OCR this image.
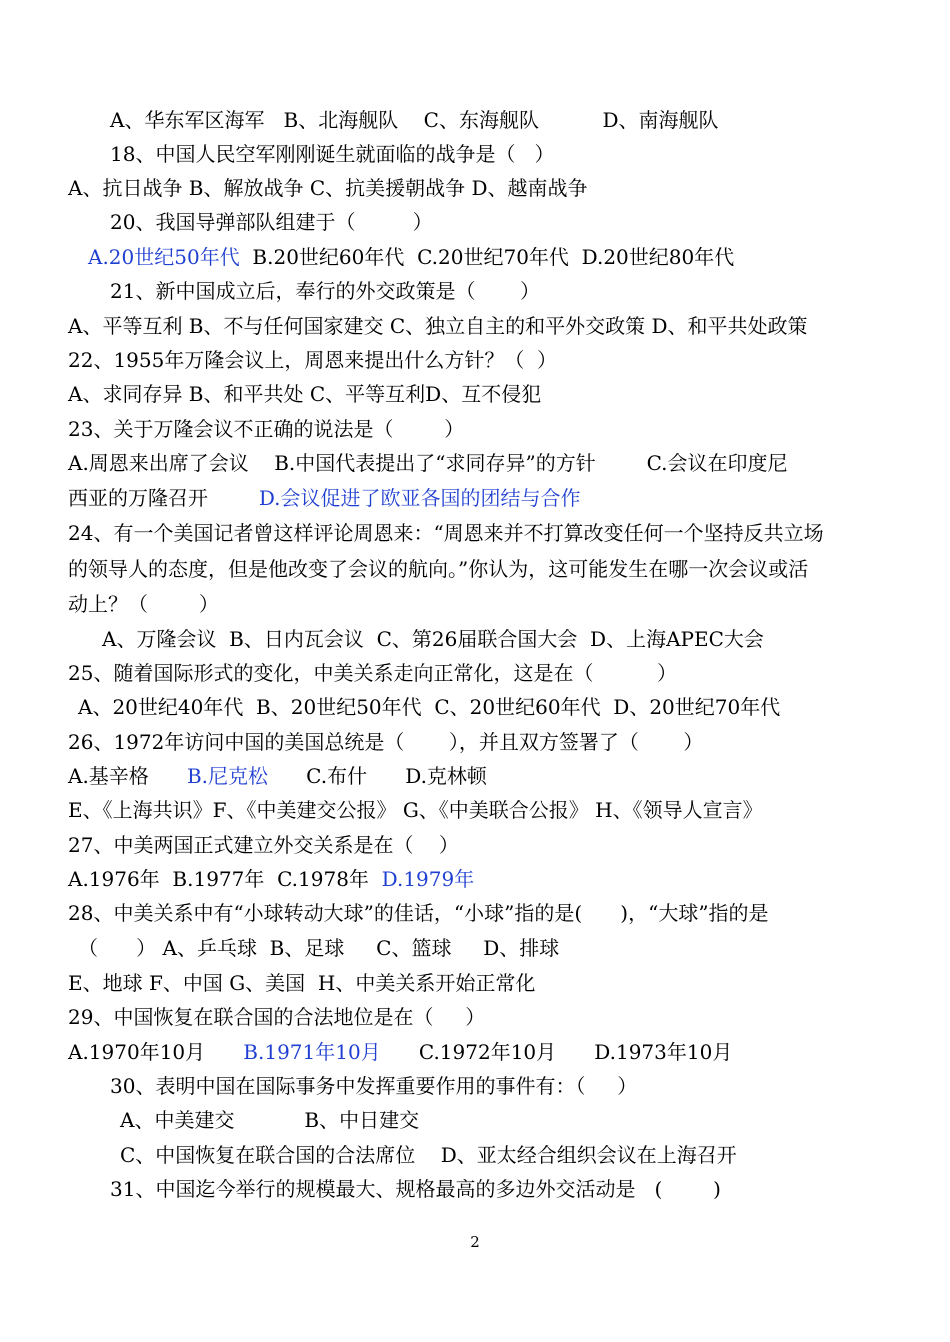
A、华东军区海军   B、北海舰队    C、东海舰队          D、南海舰队
18、中国人民空军刚刚诞生就面临的战争是（   ）
A、抗日战争 B、解放战争 C、抗美援朝战争 D、越南战争
20、我国导弹部队组建于（         ）
A.20世纪50年代  B.20世纪60年代  C.20世纪70年代  D.20世纪80年代
21、新中国成立后，奉行的外交政策是（       ）
A、平等互利 B、不与任何国家建交 C、独立自主的和平外交政策 D、和平共处政策
22、1955年万隆会议上，周恩来提出什么方针？（  ）
A、求同存异 B、和平共处 C、平等互利D、互不侵犯
23、关于万隆会议不正确的说法是（        ）
A.周恩来出席了会议    B.中国代表提出了“求同存异”的方针        C.会议在印度尼
西亚的万隆召开        D.会议促进了欧亚各国的团结与合作
24、有一个美国记者曾这样评论周恩来：“周恩来并不打算改变任何一个坚持反共立场
的领导人的态度，但是他改变了会议的航向。”你认为，这可能发生在哪一次会议或活
动上？（        ）
A、万隆会议  B、日内瓦会议  C、第26届联合国大会  D、上海APEC大会
25、随着国际形式的变化，中美关系走向正常化，这是在（          ）
A、20世纪40年代  B、20世纪50年代  C、20世纪60年代  D、20世纪70年代
26、1972年访问中国的美国总统是（       ），并且双方签署了（       ）
A.基辛格      B.尼克松      C.布什      D.克林顿
E、《上海共识》F、《中美建交公报》 G、《中美联合公报》 H、《领导人宣言》
27、中美两国正式建立外交关系是在（    ）
A.1976年  B.1977年  C.1978年  D.1979年
28、中美关系中有“小球转动大球”的佳话，“小球”指的是(      )，“大球”指的是
（      ） A、乒乓球  B、足球     C、篮球     D、排球
E、地球 F、中国 G、美国  H、中美关系开始正常化
29、中国恢复在联合国的合法地位是在（     ）
A.1970年10月      B.1971年10月      C.1972年10月      D.1973年10月
30、表明中国在国际事务中发挥重要作用的事件有：（     ）
A、中美建交           B、中日建交
C、中国恢复在联合国的合法席位    D、亚太经合组织会议在上海召开
31、中国迄今举行的规模最大、规格最高的多边外交活动是   (        )
2
